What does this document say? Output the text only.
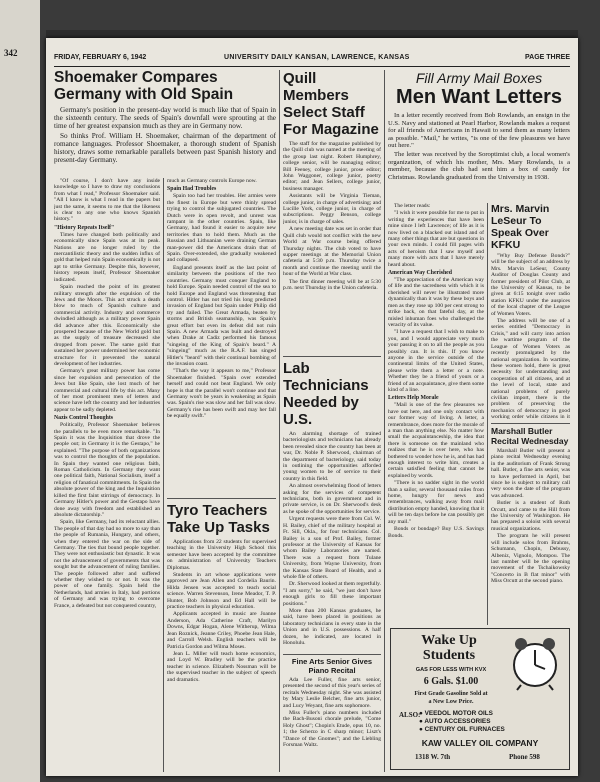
342	FRIDAY, FEBRUARY 6, 1942	UNIVERSITY DAILY KANSAN, LAWRENCE, KANSAS	PAGE THREE
Shoemaker Compares Germany with Old Spain

Germany's position in the present-day world is much like that of Spain in the sixteenth century. The seeds of Spain's downfall were sprouting at the time of her greatest expansion much as they are in Germany now.

So thinks Prof. William H. Shoemaker, chairman of the department of romance languages. Professor Shoemaker, a thorough student of Spanish history, draws some remarkable parallels between past Spanish history and present-day Germany.

"Of course, I don't have any inside knowledge so I have to draw my conclusions from what I read," Professor Shoemaker said. "All I know is what I read in the papers but just the same, it seems to me that the likeness is clear to any one who knows Spanish history."

"History Repeats Itself"

Times have changed both politically and economically since Spain was at its peak. Nations are no longer ruled by the mercantilistic theory and the sudden influx of gold that helped ruin Spain economically is not apt to strike Germany. Despite this, however, history repeats itself, Professor Shoemaker indicated.

Spain reached the point of its greatest military strength after the expulsion of the Jews and the Moors. This act struck a death blow to much of Spanish culture and commercial activity. Industry and commerce dwindled although as a military power Spain did advance after this. Economically she prospered because of the New World gold but as the supply of treasure decreased she dropped from power. The same gold that sustained her power undermined her economic structure for it prevented the natural development of her industries.

Germany's great military power has come since her expulsion and persecution of the Jews but like Spain, she lost much of her commercial and cultural life by this act. Many of her most prominent men of letters and science have left the country and her industries appear to be sadly depleted.

Nazis Control Thoughts

Politically, Professor Shoemaker believes the parallels to be even more remarkable. "In Spain it was the Inquisition that drove the people out; in Germany it is the Gestapo," he explained. "The purpose of both organizations was to control the thoughts of the population. In Spain they wanted one religious faith, Roman Catholicism. In Germany they want one political faith, National Socialism, itself a religion of fanatical commitments. In Spain the absolute power of the king and the Inquisition killed the first faint stirrings of democracy. In Germany Hitler's power and the Gestapo have done away with freedom and established an absolute dictatorship."

Spain, like Germany, had its reluctant allies. The people of that day had no more to say than the people of Rumania, Hungary, and others, when they entered the war on the side of Germany. The ties that bound people together. They were not enthusiastic but dynastic. It was not the advancement of governments that was sought but the advancement of ruling families. The people followed after and suffered whether they wished to or not. It was the power of one family. Spain held the Netherlands, had armies in Italy, had portions of Germany and was trying to overcome France, a defeated but not conquered country,

much as Germany controls Europe now.

Spain Had Troubles

Spain too had her troubles. Her armies were the finest in Europe but were thinly spread trying to control the subjugated countries. The Dutch were in open revolt, and unrest was rampant in the other countries. Spain, like Germany, had found it easier to acquire new territories than to hold them. Much as the Russian and Lithuanian were draining German man-power did the Americans drain that of Spain. Over-extended, she gradually weakened and collapsed.

England presents itself as the last point of similarity between the positions of the two countries. Germany must conquer England to hold Europe. Spain needed control of the sea to hold Europe and England was threatening that control. Hitler has not tried his long predicted invasion of England but Spain under Philip did try and failed. The Great Armada, beaten by storms and British seamanship, was Spain's great effort but even its defeat did not ruin Spain. A new Armada was built and destroyed when Drake at Cadiz performed his famous "singeing of the King of Spain's beard." A "singeing" much as the R.A.F. has singed Hitler's "beard" with their continual bombing of the invasion coast.

"That's the way it appears to me," Professor Shoemaker finished. "Spain over extended herself and could not beat England. We only hope is that the parallel won't continue and that Germany won't be years in weakening as Spain was. Spain's rise was slow and her fall was slow. Germany's rise has been swift and may her fall be equally swift."

Tyro Teachers Take Up Tasks

Applications from 22 students for supervised teaching in the University High School this semester have been accepted by the committee on administration of University Teachers Diplomas.

Students in art whose applications were approved are Jean Allen and Cordelia Baurin. Hilda Jensen was accepted to teach social science. Warren Stevenson, Irene Meador, T. P. Hunter, Bob Johnson and Ed Hall will be practice teachers in physical education.

Applicants accepted in music are Joanne Anderson, Ada Catherine Craft, Marilyn Downs, Edgar Hogan, Alene Witherup, Wilma Jean Roznick, Jeanne Criley, Phoebe Jean Hale, and Carroll Welsh. English teachers will be Patricia Gordon and Wilma Moses.

Jean L. Miller will teach home economics, and Loyd W. Bradley will be the practice teacher in science. Elizabeth Nossman will be the supervised teacher in the subject of speech and dramatics.

Quill Members Select Staff For Magazine

The staff for the magazine published by the Quill club was named at the meeting of the group last night. Robert Humphrey, college senior, will be managing editor; Bill Feeney, college junior, prose editor; John Waggoner, college junior, poetry editor; and Jean Sellers, college junior, business manager.

Assistants will be Virginia Tieman, college junior, in charge of advertising; and Lucille York, college junior, in charge of subscriptions. Peggy Benson, college junior, is in charge of sales.

A new meeting date was set in order that Quill club would not conflict with the new World at War course being offered Thursday nights. The club voted to have supper meetings at the Memorial Union cafeteria at 5:30 p.m. Thursday twice a month and continue the meeting until the hour of the World at War class.

The first dinner meeting will be at 5:30 p.m. next Thursday in the Union cafeteria.

Lab Technicians Needed by U.S.

An alarming shortage of trained bacteriologists and technicians has already been revealed since the country has been at war, Dr. Noble P. Sherwood, chairman of the department of bacteriology, said today in outlining the opportunities afforded young women to be of service to their country in this field.

An almost overwhelming flood of letters asking for the services of competent technicians, both in government and in private service, is on Dr. Sherwood's desk as he spoke of the opportunities for service.

Urgent requests were there from Col. W. H. Bailey, chief of the military hospital at Ft. Sill, Okla., for four technicians. Col. Bailey is a son of Prof. Bailey, former professor at the University of Kansas for whom Bailey Laboratories are named. There was a request from Tulane University, from Wayne University, from the Kansas State Board of Health, and a whole file of others.

Dr. Sherwood looked at them regretfully. "I am sorry," he said, "we just don't have enough girls to fill these important positions."

More than 200 Kansas graduates, he said, have been placed in positions as laboratory technicians in every state in the Union and in U.S. possessions. A half dozen, he indicated, are located in Honolulu.

Fine Arts Senior Gives Piano Recital

Ada Lee Fuller, fine arts senior, presented the second of this year's series of recitals Wednesday night. She was assisted by Mary Leslie Belcher, fine arts junior, and Lucy Weyant, fine arts sophomore.

Miss Fuller's piano numbers included the Bach-Busoni chorale prelude, "Come Holy Ghost"; Chopin's Etude, opus 10, no. 1; the Scherzo in C sharp minor; Liszt's "Dance of the Gnomes"; and the Liebling Forsman Waltz.

Fill Army Mail Boxes
Men Want Letters

In a letter recently received from Bob Rowlands, an ensign in the U.S. Navy and stationed at Pearl Harbor, Rowlands makes a request for all friends of Americans in Hawaii to send them as many letters as possible. "Mail," he writes, "is one of the few pleasures we have out here."

The letter was received by the Soroptimist club, a local women's organization, of which his mother, Mrs. Mary Rowlands, is a member, because the club had sent him a box of candy for Christmas. Rowlands graduated from the University in 1938.

The letter reads:

"I wish it were possible for me to put in writing the experiences that have been mine since I left Lawrence; of life as it is now lived on a blacked out island and of many other things that are but questions in your own minds. I could fill pages with acts of heroism that I saw myself and many more with acts that I have merely heard about.

American Way Cherished

"The appreciation of the American way of life and the sacredness with which it is cherished will never be illustrated more dynamically than it was by these boys and men as they rose up 100 per cent strong to strike back, on that fateful day, at the misled inhuman foes who challenged the veracity of its value.

"I have a request that I wish to make to you, and I would appreciate very much your passing it on to all the people as you possibly can. It is this. If you know anyone in the service outside of the continental limits of the United States, please write them a letter or a note. Whether they be a friend of yours or a friend of an acquaintance, give them some kind of a line.

Letters Help Morale

"Mail is one of the few pleasures we have out here, and one only contact with our former way of living. A letter, a remembrance, does more for the morale of a man than anything else. No matter how small the acquaintanceship, the idea that there is someone on the mainland who realizes that he is over here, who has bothered to wonder how he is, and has had enough interest to write him, creates a certain satisfied feeling that cannot be explained by words.

"There is no sadder sight in the world than a sailor, several thousand miles from home, hungry for news and remembrances, walking away from mail distribution empty handed, knowing that it will be ten days before he can possibly get any mail."

Bonds or bondage? Buy U.S. Savings Bonds.

Mrs. Marvin LeSeur To Speak Over KFKU

"Why Buy Defense Bonds?" will be the subject of an address by Mrs. Marvin LeSeur, County Auditor of Douglas County and former president of Pilot Club, at the University of Kansas, to be given at 6:15 tonight over radio station KFKU under the auspices of the local chapter of the League of Women Voters.

The address will be one of a series entitled "Democracy in Crisis," and will carry into action the wartime program of the League of Women Voters as recently promulgated by the national organization. In wartime, these women hold, there is great necessity for understanding and cooperation of all citizens, and at the level of local, state and national problems of purely civilian import, there is the problem of preserving the mechanics of democracy in good working order while citizens in it

Marshall Butler Recital Wednesday

Marshall Butler will present a piano recital Wednesday evening in the auditorium of Frank Strong hall. Butler, a fine arts senior, was to have performed in April, but since he is subject to military call very soon the date of the program was advanced.

Butler is a student of Ruth Orcutt, and came to the Hill from the University of Washington. He has prepared a soloist with several musical organizations.

The program he will present will include solos from Brahms, Schumann, Chopin, Debussy, Albeniz, Vignolo, Mompou. The last number will be the opening movement of the Tschaikowsky "Concerto in B flat minor" with Miss Orcutt at the second piano.

Wake Up Students
GAS FOR LESS WITH KVX
6 Gals. $1.00
First Grade Gasoline Sold at
a New Low Price.
ALSO:
● VEEDOL MOTOR OILS
● AUTO ACCESSORIES
● CENTURY OIL FURNACES
KAW VALLEY OIL COMPANY
1318 W. 7th	Phone 598
